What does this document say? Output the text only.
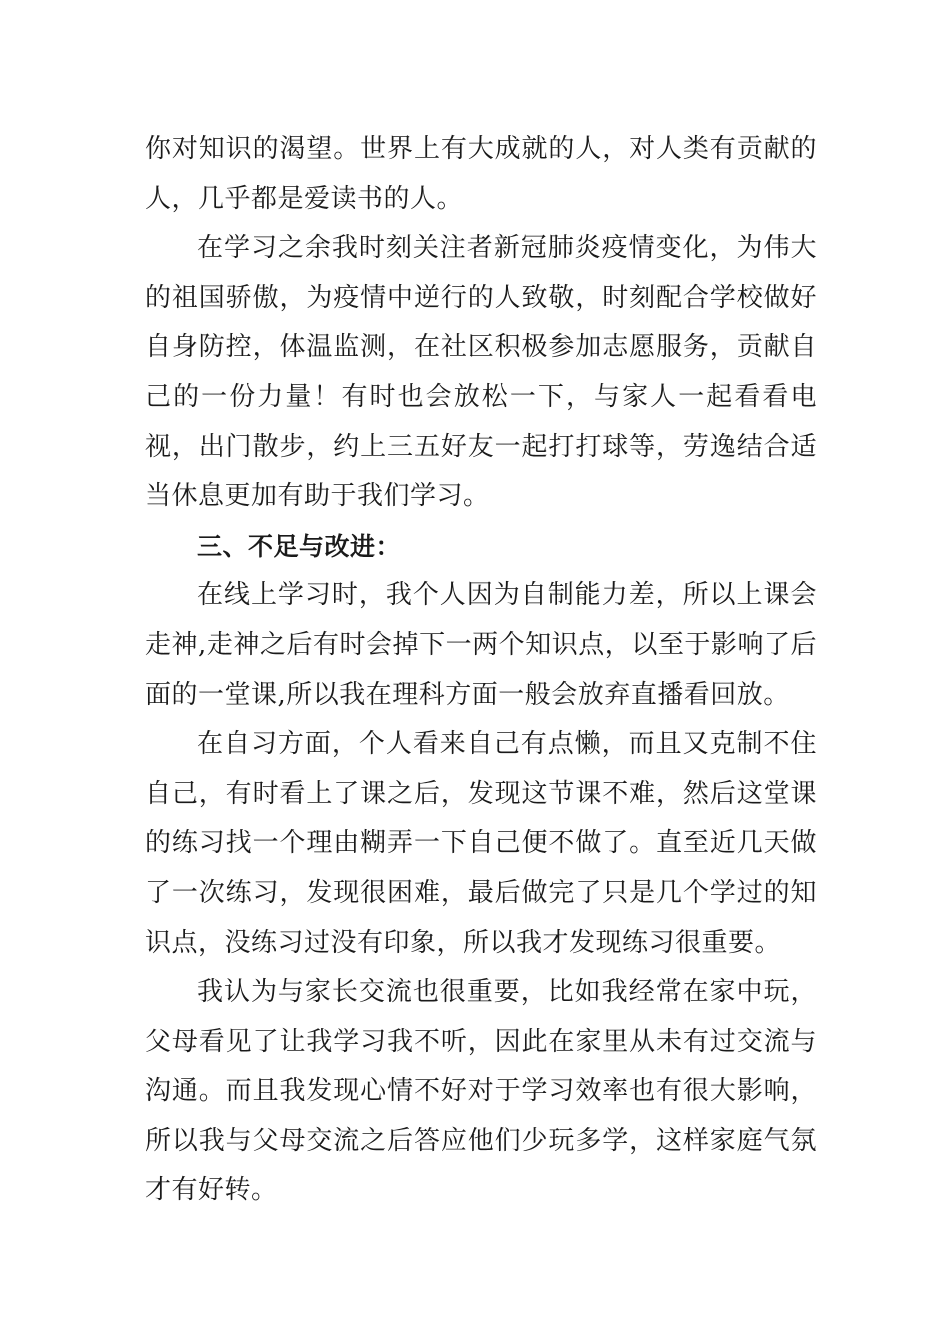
你对知识的渴望。世界上有大成就的人，对人类有贡献的人，几乎都是爱读书的人。

在学习之余我时刻关注者新冠肺炎疫情变化，为伟大的祖国骄傲，为疫情中逆行的人致敬，时刻配合学校做好自身防控，体温监测，在社区积极参加志愿服务，贡献自己的一份力量！有时也会放松一下，与家人一起看看电视，出门散步，约上三五好友一起打打球等，劳逸结合适当休息更加有助于我们学习。

三、不足与改进：

在线上学习时，我个人因为自制能力差，所以上课会走神,走神之后有时会掉下一两个知识点，以至于影响了后面的一堂课,所以我在理科方面一般会放弃直播看回放。

在自习方面，个人看来自己有点懒，而且又克制不住自己，有时看上了课之后，发现这节课不难，然后这堂课的练习找一个理由糊弄一下自己便不做了。直至近几天做了一次练习，发现很困难，最后做完了只是几个学过的知识点，没练习过没有印象，所以我才发现练习很重要。

我认为与家长交流也很重要，比如我经常在家中玩，父母看见了让我学习我不听，因此在家里从未有过交流与沟通。而且我发现心情不好对于学习效率也有很大影响，所以我与父母交流之后答应他们少玩多学，这样家庭气氛才有好转。
